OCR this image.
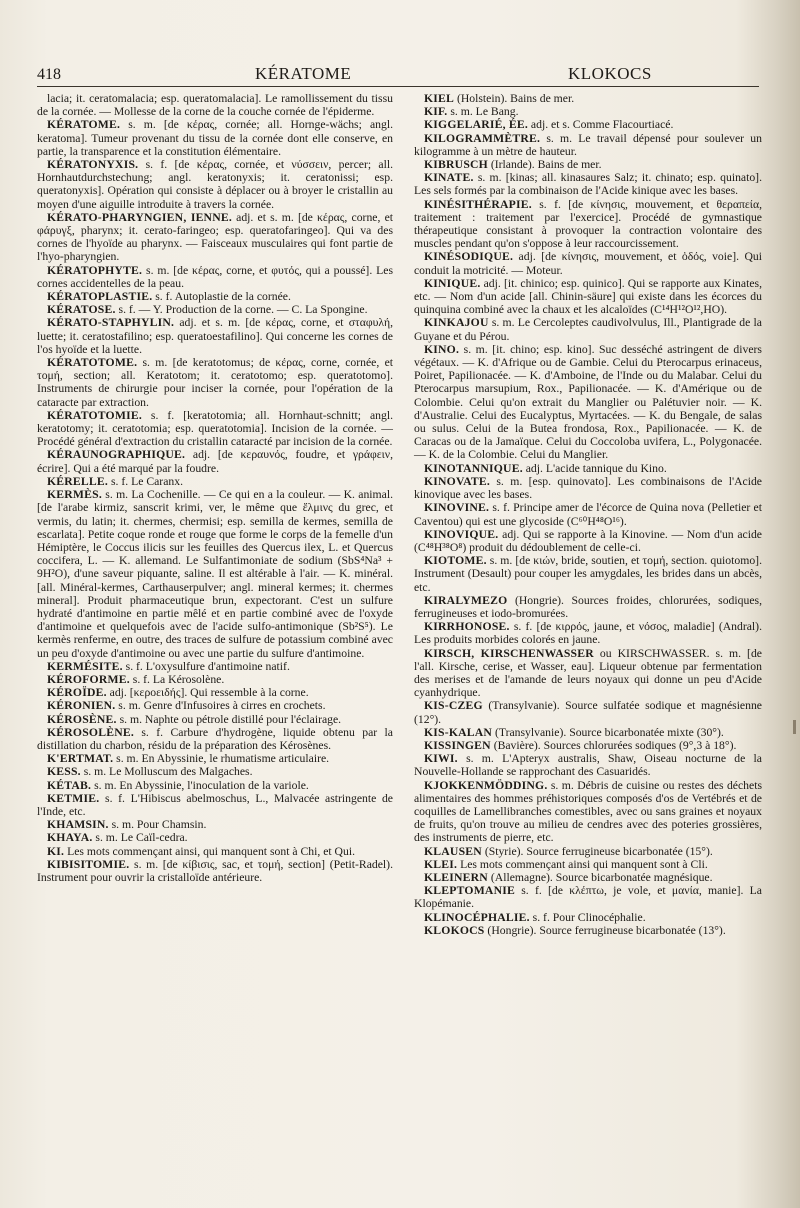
418	KÉRATOME	KLOKOCS

lacia; it. ceratomalacia; esp. queratomalacia]. Le ramollissement du tissu de la cornée. — Mollesse de la corne de la couche cornée de l'épiderme.

KÉRATOME. s. m. [de κέρας, cornée; all. Hornge-wächs; angl. keratoma]. Tumeur provenant du tissu de la cornée dont elle conserve, en partie, la transparence et la constitution élémentaire.

KÉRATONYXIS. s. f. [de κέρας, cornée, et νύσσειν, percer; all. Hornhautdurchstechung; angl. keratonyxis; it. ceratonissi; esp. queratonyxis]. Opération qui consiste à déplacer ou à broyer le cristallin au moyen d'une aiguille introduite à travers la cornée.

KÉRATO-PHARYNGIEN, IENNE. adj. et s. m. [de κέρας, corne, et φάρυγξ, pharynx; it. cerato-faringeo; esp. queratofaringeo]. Qui va des cornes de l'hyoïde au pharynx. — Faisceaux musculaires qui font partie de l'hyo-pharyngien.

KÉRATOPHYTE. s. m. [de κέρας, corne, et φυτός, qui a poussé]. Les cornes accidentelles de la peau.

KÉRATOPLASTIE. s. f. Autoplastie de la cornée.

KÉRATOSE. s. f. — Y. Production de la corne. — C. La Spongine.

KÉRATO-STAPHYLIN. adj. et s. m. [de κέρας, corne, et σταφυλή, luette; it. ceratostafilino; esp. queratoestafilino]. Qui concerne les cornes de l'os hyoïde et la luette.

KÉRATOTOME. s. m. [de keratotomus; de κέρας, corne, cornée, et τομή, section; all. Keratotom; it. ceratotomo; esp. queratotomo]. Instruments de chirurgie pour inciser la cornée, pour l'opération de la cataracte par extraction.

KÉRATOTOMIE. s. f. [keratotomia; all. Hornhaut-schnitt; angl. keratotomy; it. ceratotomia; esp. queratotomia]. Incision de la cornée. — Procédé général d'extraction du cristallin cataracté par incision de la cornée.

KÉRAUNOGRAPHIQUE. adj. [de κεραυνός, foudre, et γράφειν, écrire]. Qui a été marqué par la foudre.

KÉRELLE. s. f. Le Caranx.

KERMÈS. s. m. La Cochenille. — Ce qui en a la couleur. — K. animal. [de l'arabe kirmiz, sanscrit krimi, ver, le même que ἕλμινς du grec, et vermis, du latin; it. chermes, chermisi; esp. semilla de kermes, semilla de escarlata]. Petite coque ronde et rouge que forme le corps de la femelle d'un Hémiptère, le Coccus ilicis sur les feuilles des Quercus ilex, L. et Quercus coccifera, L. — K. allemand. Le Sulfantimoniate de sodium (SbS⁴Na³ + 9H²O), d'une saveur piquante, saline. Il est altérable à l'air. — K. minéral. [all. Minéral-kermes, Carthauserpulver; angl. mineral kermes; it. chermes mineral]. Produit pharmaceutique brun, expectorant. C'est un sulfure hydraté d'antimoine en partie mêlé et en partie combiné avec de l'oxyde d'antimoine et quelquefois avec de l'acide sulfo-antimonique (Sb²S⁵). Le kermès renferme, en outre, des traces de sulfure de potassium combiné avec un peu d'oxyde d'antimoine ou avec une partie du sulfure d'antimoine.

KERMÉSITE. s. f. L'oxysulfure d'antimoine natif.

KÉROFORME. s. f. La Kérosolène.

KÉROÏDE. adj. [κεροειδής]. Qui ressemble à la corne.

KÉRONIEN. s. m. Genre d'Infusoires à cirres en crochets.

KÉROSÈNE. s. m. Naphte ou pétrole distillé pour l'éclairage.

KÉROSOLÈNE. s. f. Carbure d'hydrogène, liquide obtenu par la distillation du charbon, résidu de la préparation des Kérosènes.

K'ERTMAT. s. m. En Abyssinie, le rhumatisme articulaire.

KESS. s. m. Le Molluscum des Malgaches.

KÉTAB. s. m. En Abyssinie, l'inoculation de la variole.

KETMIE. s. f. L'Hibiscus abelmoschus, L., Malvacée astringente de l'Inde, etc.

KHAMSIN. s. m. Pour Chamsin.

KHAYA. s. m. Le Caïl-cedra.

KI. Les mots commençant ainsi, qui manquent sont à Chi, et Qui.

KIBISITOMIE. s. m. [de κίβισις, sac, et τομή, section] (Petit-Radel). Instrument pour ouvrir la cristalloïde antérieure.

KIEL (Holstein). Bains de mer.

KIF. s. m. Le Bang.

KIGGELARIÉ, ÉE. adj. et s. Comme Flacourtiacé.

KILOGRAMMÈTRE. s. m. Le travail dépensé pour soulever un kilogramme à un mètre de hauteur.

KIBRUSCH (Irlande). Bains de mer.

KINATE. s. m. [kinas; all. kinasaures Salz; it. chinato; esp. quinato]. Les sels formés par la combinaison de l'Acide kinique avec les bases.

KINÉSITHÉRAPIE. s. f. [de κίνησις, mouvement, et θεραπεία, traitement : traitement par l'exercice]. Procédé de gymnastique thérapeutique consistant à provoquer la contraction volontaire des muscles pendant qu'on s'oppose à leur raccourcissement.

KINÉSODIQUE. adj. [de κίνησις, mouvement, et ὁδός, voie]. Qui conduit la motricité. — Moteur.

KINIQUE. adj. [it. chinico; esp. quinico]. Qui se rapporte aux Kinates, etc. — Nom d'un acide [all. Chinin-säure] qui existe dans les écorces du quinquina combiné avec la chaux et les alcaloïdes (C¹⁴H¹²O¹²,HO).

KINKAJOU s. m. Le Cercoleptes caudivolvulus, Ill., Plantigrade de la Guyane et du Pérou.

KINO. s. m. [it. chino; esp. kino]. Suc desséché astringent de divers végétaux. — K. d'Afrique ou de Gambie. Celui du Pterocarpus erinaceus, Poiret, Papilionacée. — K. d'Amboine, de l'Inde ou du Malabar. Celui du Pterocarpus marsupium, Rox., Papilionacée. — K. d'Amérique ou de Colombie. Celui qu'on extrait du Manglier ou Palétuvier noir. — K. d'Australie. Celui des Eucalyptus, Myrtacées. — K. du Bengale, de salas ou sulus. Celui de la Butea frondosa, Rox., Papilionacée. — K. de Caracas ou de la Jamaïque. Celui du Coccoloba uvifera, L., Polygonacée. — K. de la Colombie. Celui du Manglier.

KINOTANNIQUE. adj. L'acide tannique du Kino.

KINOVATE. s. m. [esp. quinovato]. Les combinaisons de l'Acide kinovique avec les bases.

KINOVINE. s. f. Principe amer de l'écorce de Quina nova (Pelletier et Caventou) qui est une glycoside (C⁶⁰H⁴⁸O¹⁶).

KINOVIQUE. adj. Qui se rapporte à la Kinovine. — Nom d'un acide (C⁴⁸H³⁸O⁸) produit du dédoublement de celle-ci.

KIOTOME. s. m. [de κιών, bride, soutien, et τομή, section. quiotomo]. Instrument (Desault) pour couper les amygdales, les brides dans un abcès, etc.

KIRALYMEZO (Hongrie). Sources froides, chlorurées, sodiques, ferrugineuses et iodo-bromurées.

KIRRHONOSE. s. f. [de κιρρός, jaune, et νόσος, maladie] (Andral). Les produits morbides colorés en jaune.

KIRSCH, KIRSCHENWASSER ou KIRSCHWASSER. s. m. [de l'all. Kirsche, cerise, et Wasser, eau]. Liqueur obtenue par fermentation des merises et de l'amande de leurs noyaux qui donne un peu d'Acide cyanhydrique.

KIS-CZEG (Transylvanie). Source sulfatée sodique et magnésienne (12°).

KIS-KALAN (Transylvanie). Source bicarbonatée mixte (30°).

KISSINGEN (Bavière). Sources chlorurées sodiques (9°,3 à 18°).

KIWI. s. m. L'Apteryx australis, Shaw, Oiseau nocturne de la Nouvelle-Hollande se rapprochant des Casuaridés.

KJOKKENMÖDDING. s. m. Débris de cuisine ou restes des déchets alimentaires des hommes préhistoriques composés d'os de Vertébrés et de coquilles de Lamellibranches comestibles, avec ou sans graines et noyaux de fruits, qu'on trouve au milieu de cendres avec des poteries grossières, des instruments de pierre, etc.

KLAUSEN (Styrie). Source ferrugineuse bicarbonatée (15°).

KLEI. Les mots commençant ainsi qui manquent sont à Cli.

KLEINERN (Allemagne). Source bicarbonatée magnésique.

KLEPTOMANIE s. f. [de κλέπτω, je vole, et μανία, manie]. La Klopémanie.

KLINOCÉPHALIE. s. f. Pour Clinocéphalie.

KLOKOCS (Hongrie). Source ferrugineuse bicarbonatée (13°).
